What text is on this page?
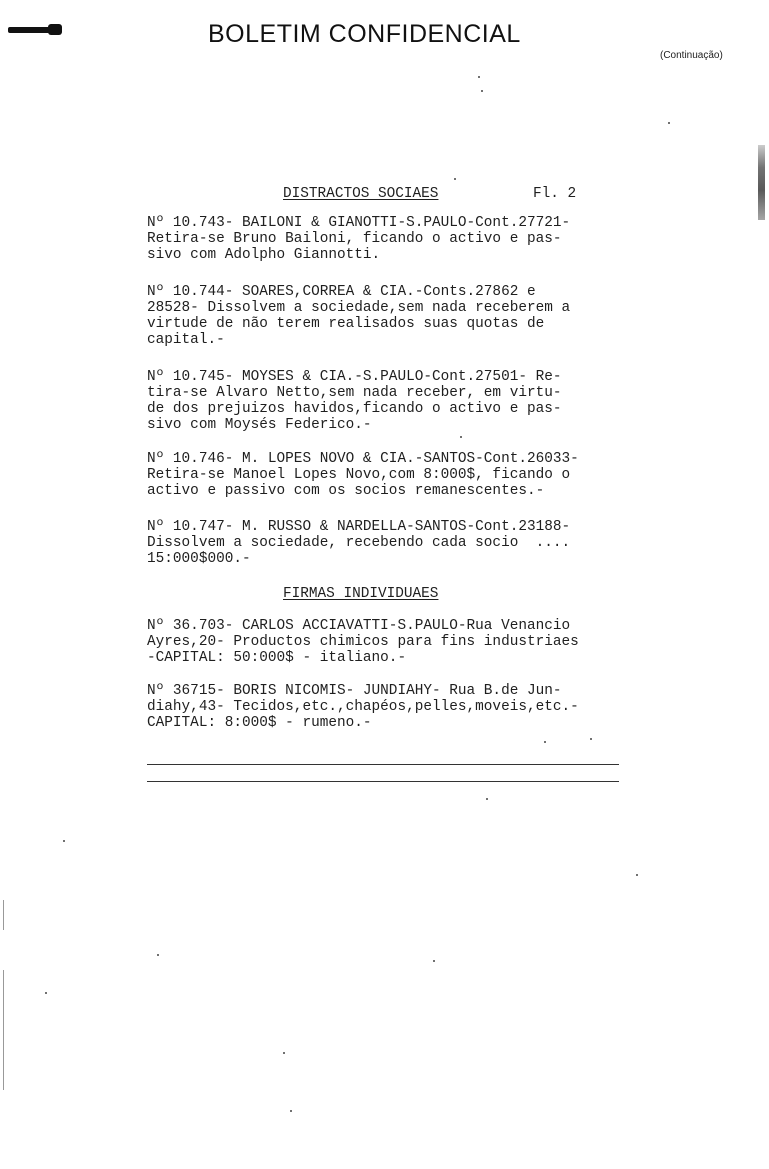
BOLETIM CONFIDENCIAL
(Continuação)
DISTRACTOS SOCIAES	Fl. 2
Nº 10.743- BAILONI & GIANOTTI-S.PAULO-Cont.27721-
Retira-se Bruno Bailoni, ficando o activo e pas-
sivo com Adolpho Giannotti.
Nº 10.744- SOARES,CORREA & CIA.-Conts.27862 e
28528- Dissolvem a sociedade,sem nada receberem a
virtude de não terem realisados suas quotas de
capital.-
Nº 10.745- MOYSES & CIA.-S.PAULO-Cont.27501- Re-
tira-se Alvaro Netto,sem nada receber, em virtu-
de dos prejuizos havidos,ficando o activo e pas-
sivo com Moysés Federico.-
Nº 10.746- M. LOPES NOVO & CIA.-SANTOS-Cont.26033-
Retira-se Manoel Lopes Novo,com 8:000$, ficando o
activo e passivo com os socios remanescentes.-
Nº 10.747- M. RUSSO & NARDELLA-SANTOS-Cont.23188-
Dissolvem a sociedade, recebendo cada socio  ....
15:000$000.-
FIRMAS INDIVIDUAES
Nº 36.703- CARLOS ACCIAVATTI-S.PAULO-Rua Venancio
Ayres,20- Productos chimicos para fins industriaes
-CAPITAL: 50:000$ - italiano.-
Nº 36715- BORIS NICOMIS- JUNDIAHY- Rua B.de Jun-
diahy,43- Tecidos,etc.,chapéos,pelles,moveis,etc.-
CAPITAL: 8:000$ - rumeno.-
